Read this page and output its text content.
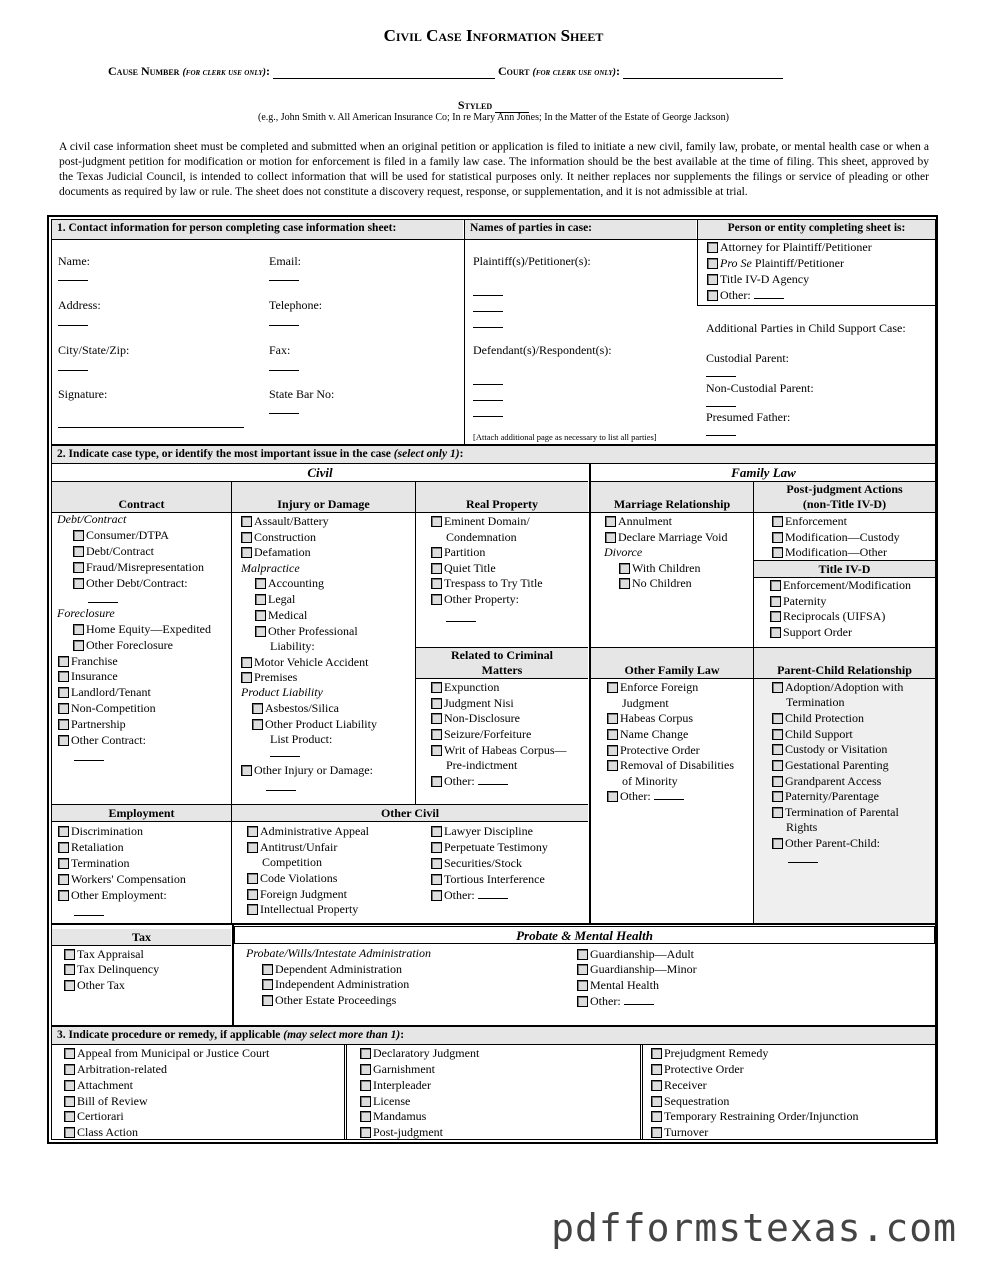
Civil Case Information Sheet
Cause Number (for clerk use only):	Court (for clerk use only):
Styled
(e.g., John Smith v. All American Insurance Co; In re Mary Ann Jones; In the Matter of the Estate of George Jackson)
A civil case information sheet must be completed and submitted when an original petition or application is filed to initiate a new civil, family law, probate, or mental health case or when a post-judgment petition for modification or motion for enforcement is filed in a family law case. The information should be the best available at the time of filing. This sheet, approved by the Texas Judicial Council, is intended to collect information that will be used for statistical purposes only. It neither replaces nor supplements the filings or service of pleading or other documents as required by law or rule. The sheet does not constitute a discovery request, response, or supplementation, and it is not admissible at trial.
1. Contact information for person completing case information sheet:	Names of parties in case:	Person or entity completing sheet is:
Name:	Email:
Address:	Telephone:
City/State/Zip:	Fax:
Signature:	State Bar No:
Plaintiff(s)/Petitioner(s):
Defendant(s)/Respondent(s):
[Attach additional page as necessary to list all parties]
Attorney for Plaintiff/Petitioner
Pro Se Plaintiff/Petitioner
Title IV-D Agency
Other:
Additional Parties in Child Support Case:
Custodial Parent:
Non-Custodial Parent:
Presumed Father:
2. Indicate case type, or identify the most important issue in the case (select only 1):
Civil	Family Law
Contract	Injury or Damage	Real Property	Marriage Relationship
Post-judgment Actions
(non-Title IV-D)
Debt/Contract
Consumer/DTPA
Debt/Contract
Fraud/Misrepresentation
Other Debt/Contract:
Foreclosure
Home Equity—Expedited
Other Foreclosure
Franchise
Insurance
Landlord/Tenant
Non-Competition
Partnership
Other Contract:
Assault/Battery
Construction
Defamation
Malpractice
Accounting
Legal
Medical
Other Professional
Liability:
Motor Vehicle Accident
Premises
Product Liability
Asbestos/Silica
Other Product Liability
List Product:
Other Injury or Damage:
Eminent Domain/
Condemnation
Partition
Quiet Title
Trespass to Try Title
Other Property:
Related to Criminal
Matters
Expunction
Judgment Nisi
Non-Disclosure
Seizure/Forfeiture
Writ of Habeas Corpus—
Pre-indictment
Other:
Annulment
Declare Marriage Void
Divorce
With Children
No Children
Enforcement
Modification—Custody
Modification—Other
Title IV-D
Enforcement/Modification
Paternity
Reciprocals (UIFSA)
Support Order
Other Family Law	Parent-Child Relationship
Enforce Foreign
Judgment
Habeas Corpus
Name Change
Protective Order
Removal of Disabilities
of Minority
Other:
Adoption/Adoption with
Termination
Child Protection
Child Support
Custody or Visitation
Gestational Parenting
Grandparent Access
Paternity/Parentage
Termination of Parental
Rights
Other Parent-Child:
Employment	Other Civil
Discrimination
Retaliation
Termination
Workers' Compensation
Other Employment:
Administrative Appeal
Antitrust/Unfair
Competition
Code Violations
Foreign Judgment
Intellectual Property
Lawyer Discipline
Perpetuate Testimony
Securities/Stock
Tortious Interference
Other:
Tax	Probate & Mental Health
Tax Appraisal
Tax Delinquency
Other Tax
Probate/Wills/Intestate Administration
Dependent Administration
Independent Administration
Other Estate Proceedings
Guardianship—Adult
Guardianship—Minor
Mental Health
Other:
3. Indicate procedure or remedy, if applicable (may select more than 1):
Appeal from Municipal or Justice Court
Arbitration-related
Attachment
Bill of Review
Certiorari
Class Action
Declaratory Judgment
Garnishment
Interpleader
License
Mandamus
Post-judgment
Prejudgment Remedy
Protective Order
Receiver
Sequestration
Temporary Restraining Order/Injunction
Turnover
pdfformstexas.com
